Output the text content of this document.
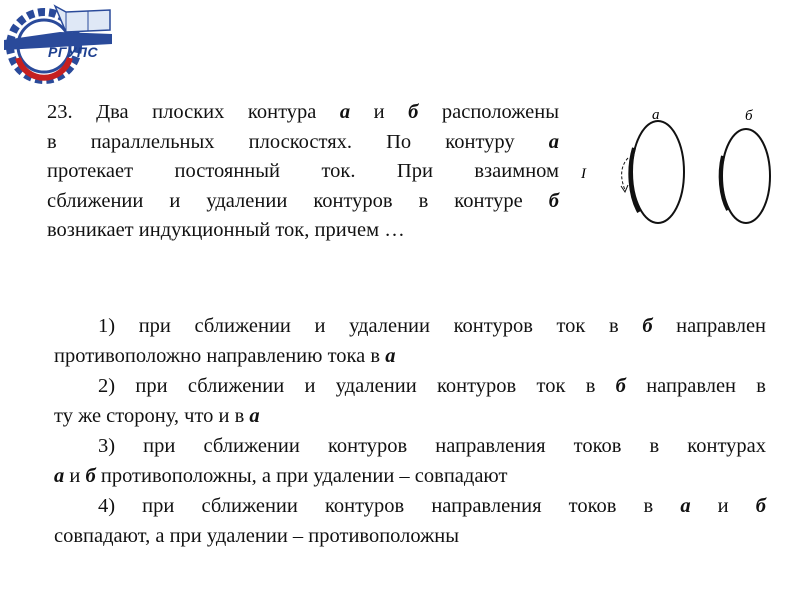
РГУПС
23. Два плоских контура а и б расположены
в параллельных плоскостях. По контуру а
протекает постоянный ток. При взаимном
сближении и удалении контуров в контуре б
возникает индукционный ток, причем …
а	б
I
1) при сближении и удалении контуров ток в б направлен
противоположно направлению тока в а
2) при сближении и удалении контуров ток в б направлен в
ту же сторону, что и в а
3) при сближении контуров направления токов в контурах
а и б противоположны, а при удалении – совпадают
4) при сближении контуров направления токов в а и б
совпадают, а при удалении – противоположны
